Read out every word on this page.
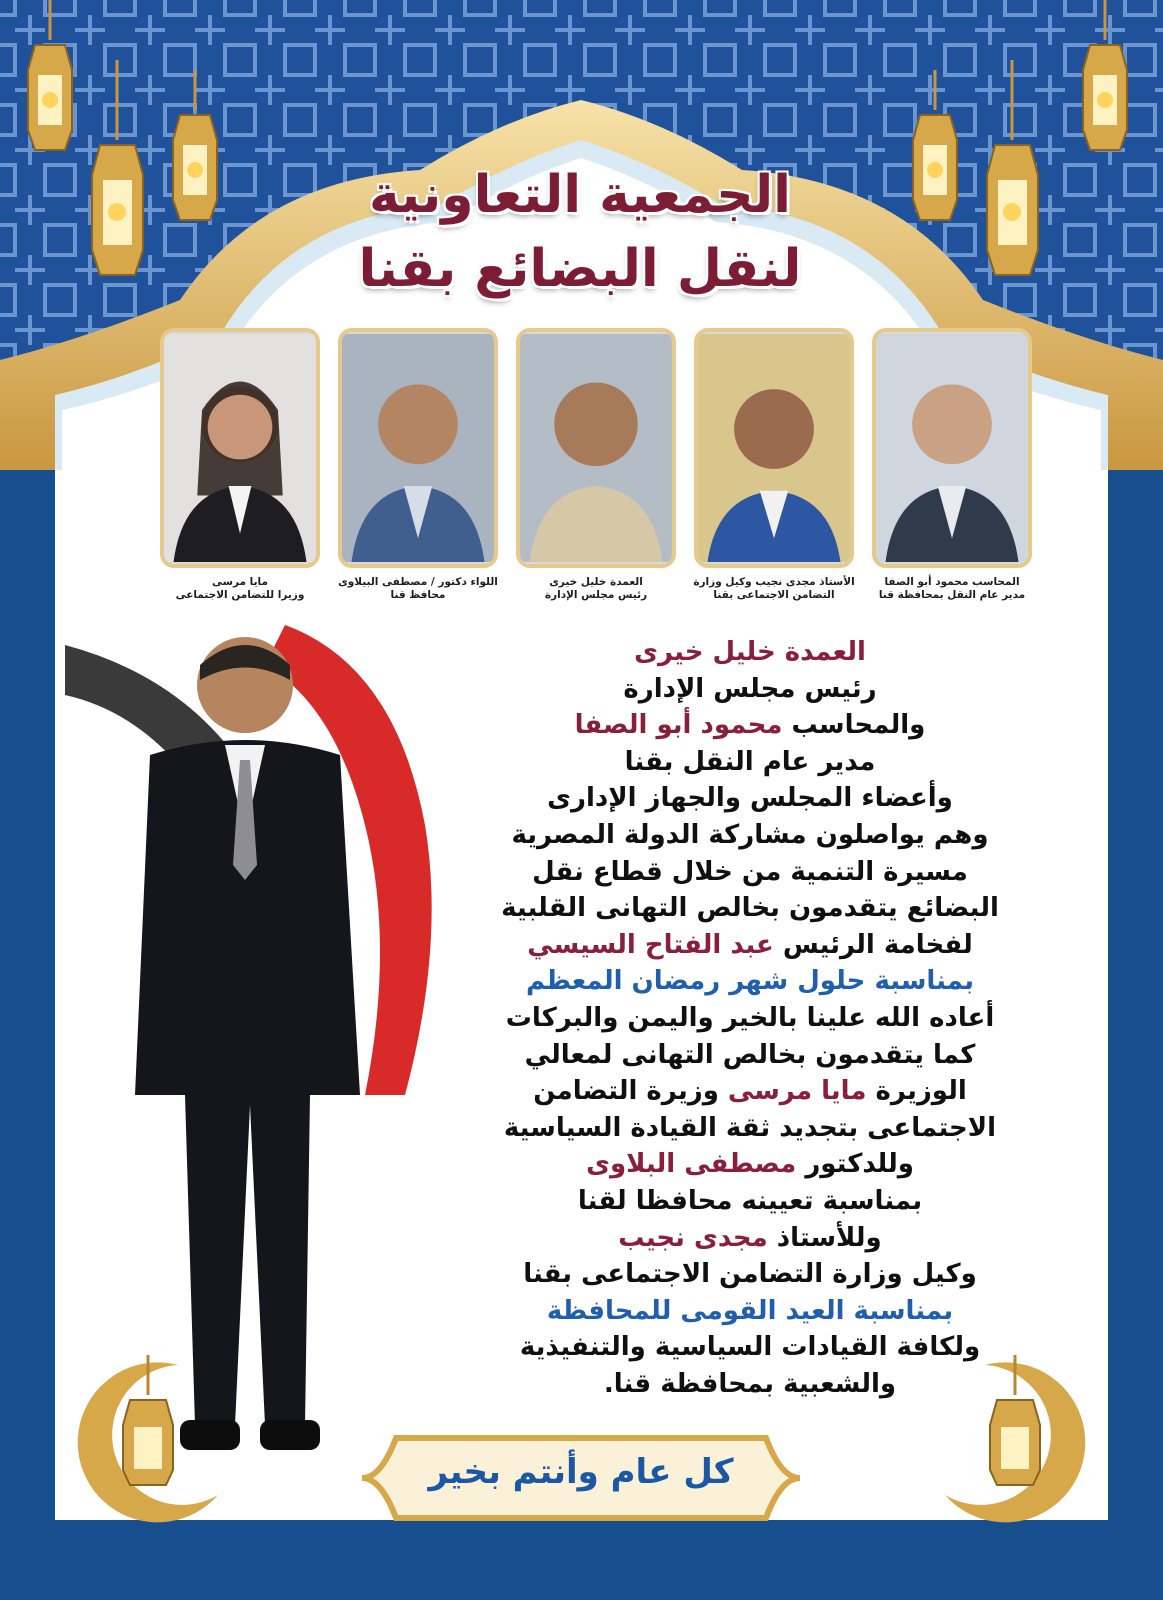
الجمعية التعاونية
لنقل البضائع بقنا
المحاسب محمود أبو الصفا
مدير عام النقل بمحافظة قنا
الأستاذ مجدى نجيب وكيل وزارة
التضامن الاجتماعى بقنا
العمدة خليل خيرى
رئيس مجلس الإدارة
اللواء دكتور / مصطفى البيلاوى
محافظ قنا
مايا مرسى
وزيرا للتضامن الاجتماعى
العمدة خليل خيرى
رئيس مجلس الإدارة
والمحاسب محمود أبو الصفا
مدير عام النقل بقنا
وأعضاء المجلس والجهاز الإدارى
وهم يواصلون مشاركة الدولة المصرية
مسيرة التنمية من خلال قطاع نقل
البضائع يتقدمون بخالص التهانى القلبية
لفخامة الرئيس عبد الفتاح السيسي
بمناسبة حلول شهر رمضان المعظم
أعاده الله علينا بالخير واليمن والبركات
كما يتقدمون بخالص التهانى لمعالي
الوزيرة مايا مرسى وزيرة التضامن
الاجتماعى بتجديد ثقة القيادة السياسية
وللدكتور مصطفى البلاوى
بمناسبة تعيينه محافظا لقنا
وللأستاذ مجدى نجيب
وكيل وزارة التضامن الاجتماعى بقنا
بمناسبة العيد القومى للمحافظة
ولكافة القيادات السياسية والتنفيذية
والشعبية بمحافظة قنا.
كل عام وأنتم بخير
